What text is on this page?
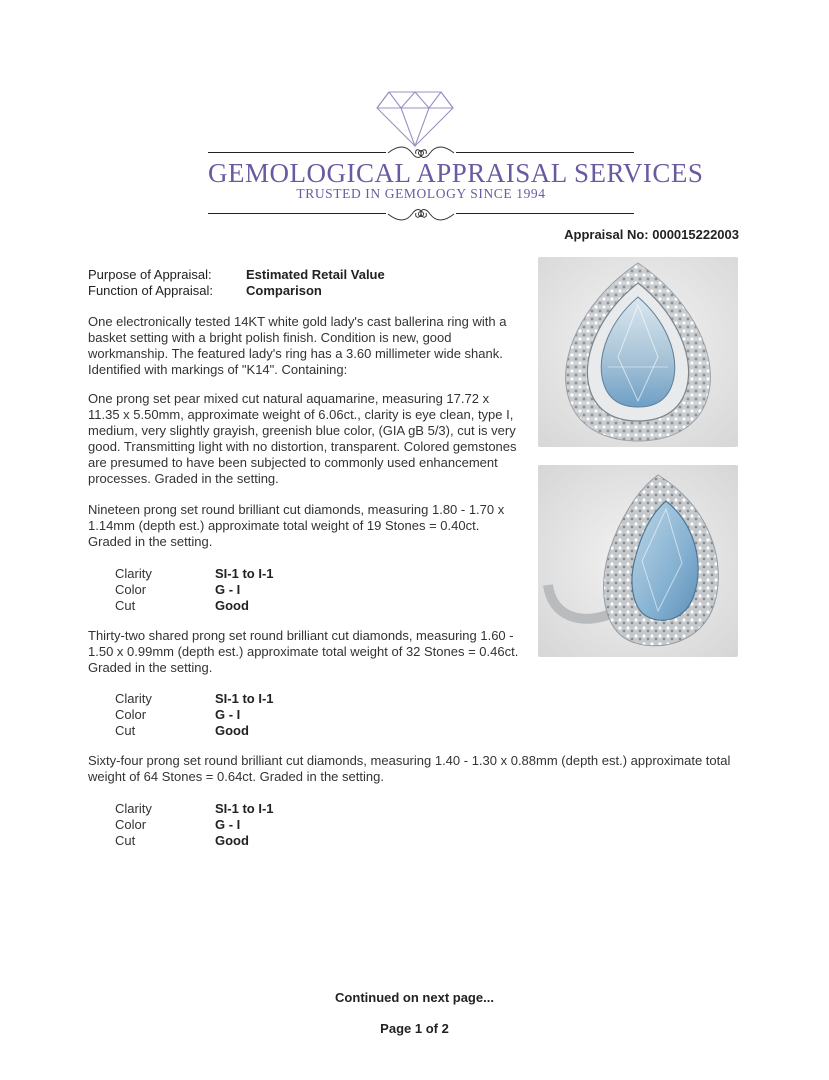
GEMOLOGICAL APPRAISAL SERVICES
TRUSTED IN GEMOLOGY SINCE 1994
Appraisal No: 000015222003
Purpose of Appraisal:	Estimated Retail Value
Function of Appraisal:	Comparison

One electronically tested 14KT white gold lady's cast ballerina ring with a basket setting with a bright polish finish. Condition is new, good workmanship. The featured lady's ring has a 3.60 millimeter wide shank. Identified with markings of "K14". Containing:

One prong set pear mixed cut natural aquamarine, measuring 17.72 x 11.35 x 5.50mm, approximate weight of 6.06ct., clarity is eye clean, type I, medium, very slightly grayish, greenish blue color, (GIA gB 5/3), cut is very good. Transmitting light with no distortion, transparent. Colored gemstones are presumed to have been subjected to commonly used enhancement processes. Graded in the setting.

Nineteen prong set round brilliant cut diamonds, measuring 1.80 - 1.70 x 1.14mm (depth est.) approximate total weight of 19 Stones = 0.40ct. Graded in the setting.

Clarity	SI-1 to I-1
Color	G - I
Cut	Good

Thirty-two shared prong set round brilliant cut diamonds, measuring 1.60 - 1.50 x 0.99mm (depth est.) approximate total weight of 32 Stones = 0.46ct. Graded in the setting.

Clarity	SI-1 to I-1
Color	G - I
Cut	Good

Sixty-four prong set round brilliant cut diamonds, measuring 1.40 - 1.30 x 0.88mm (depth est.) approximate total weight of 64 Stones = 0.64ct. Graded in the setting.

Clarity	SI-1 to I-1
Color	G - I
Cut	Good
Continued on next page...
Page 1 of 2
